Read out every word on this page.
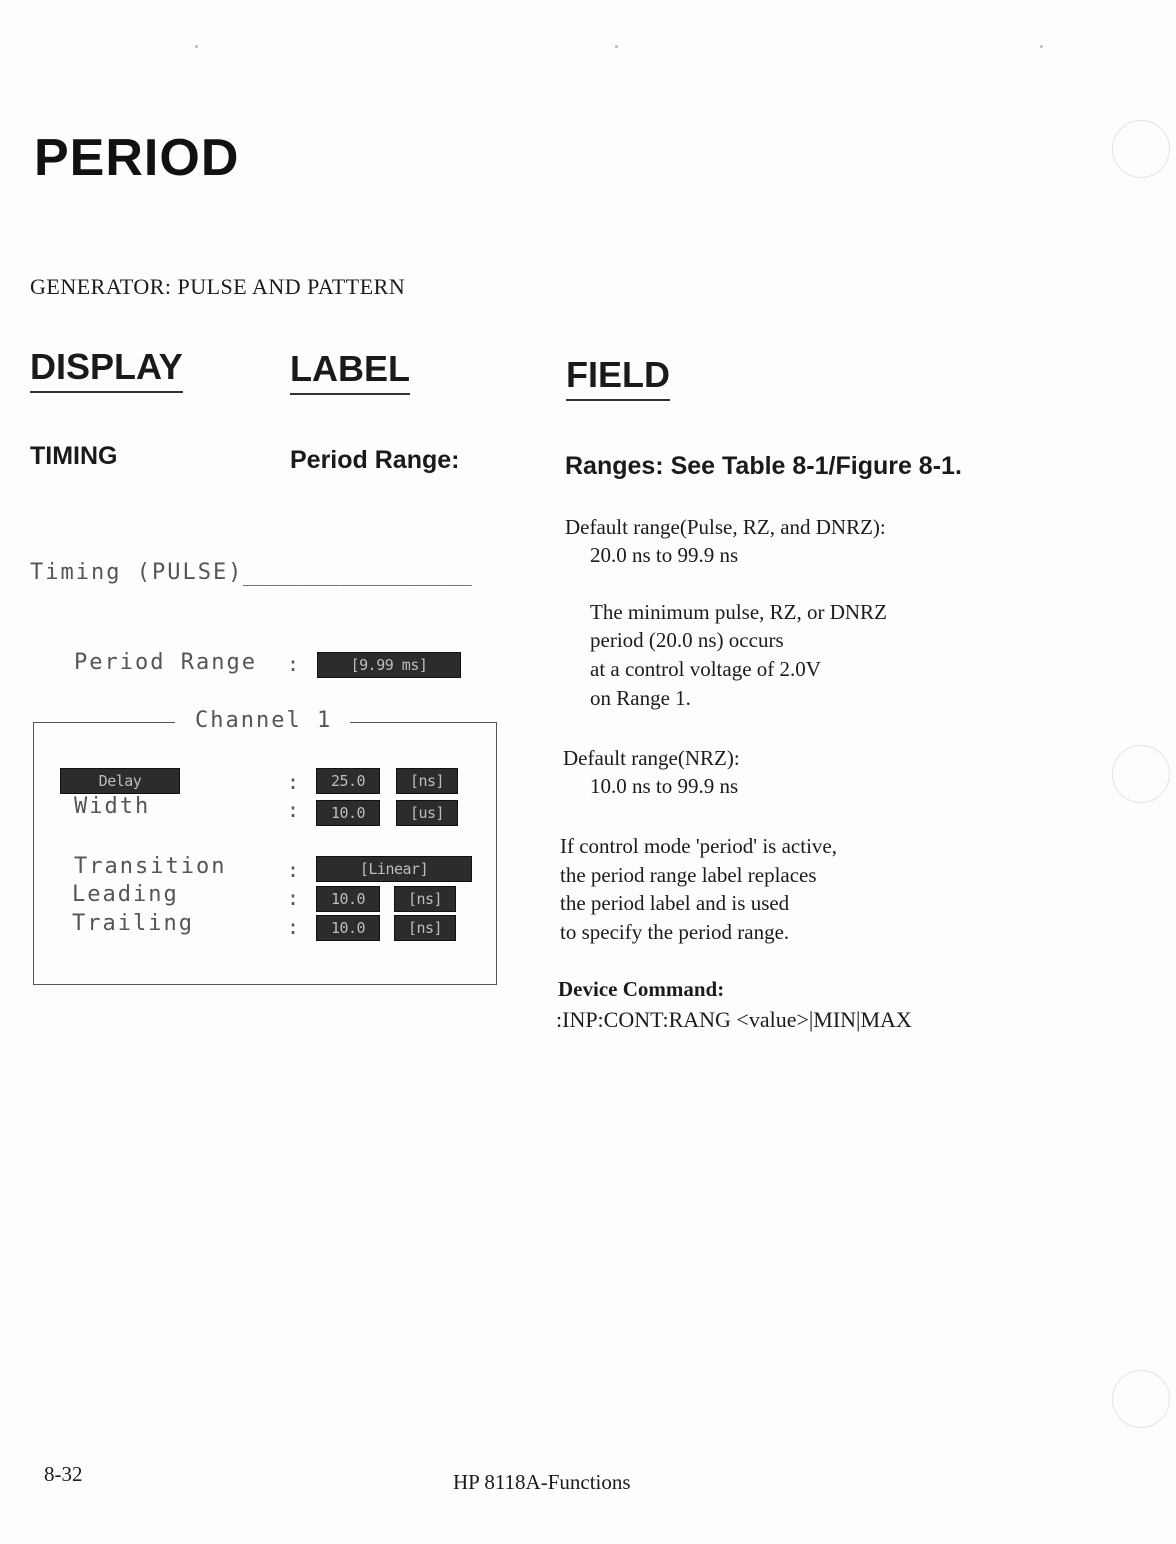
PERIOD
GENERATOR: PULSE AND PATTERN
DISPLAY	LABEL	FIELD
TIMING	Period Range:	Ranges: See Table 8-1/Figure 8-1.
Timing (PULSE) ___________________
Period Range :	[9.99 ms]
Channel 1
Delay	:	25.0	[ns]
Width	:	10.0	[us]
Transition	:	[Linear]
Leading	:	10.0	[ns]
Trailing	:	10.0	[ns]
Default range(Pulse, RZ, and DNRZ):
20.0 ns to 99.9 ns
The minimum pulse, RZ, or DNRZ
period (20.0 ns) occurs
at a control voltage of 2.0V
on Range 1.
Default range(NRZ):
10.0 ns to 99.9 ns
If control mode 'period' is active,
the period range label replaces
the period label and is used
to specify the period range.
Device Command:
:INP:CONT:RANG <value>|MIN|MAX
8-32	HP 8118A-Functions
